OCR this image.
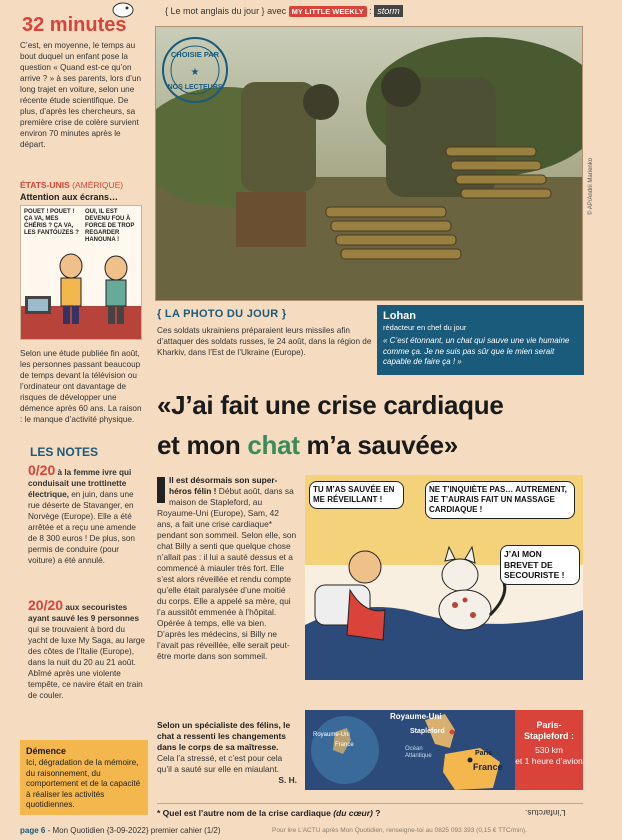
32 minutes
C’est, en moyenne, le temps au bout duquel un enfant pose la question « Quand est-ce qu’on arrive ? » à ses parents, lors d’un long trajet en voiture, selon une récente étude scientifique. De plus, d’après les chercheurs, sa première crise de colère survient environ 70 minutes après le départ.
ÉTATS-UNIS (AMÉRIQUE)
Attention aux écrans…
POUET ! POUET ! ÇA VA, MES CHÉRIS ? ÇA VA, LES FANTOUZES ?
OUI, IL EST DEVENU FOU À FORCE DE TROP REGARDER HANOUNA !
Selon une étude publiée fin août, les personnes passant beaucoup de temps devant la télévision ou l’ordinateur ont davantage de risques de développer une démence après 60 ans. La raison : le manque d’activité physique.
LES NOTES
0/20 à la femme ivre qui conduisait une trottinette électrique, en juin, dans une rue déserte de Stavanger, en Norvège (Europe). Elle a été arrêtée et a reçu une amende de 8 300 euros ! De plus, son permis de conduire (pour voiture) a été annulé.
20/20 aux secouristes ayant sauvé les 9 personnes qui se trouvaient à bord du yacht de luxe My Saga, au large des côtes de l’Italie (Europe), dans la nuit du 20 au 21 août. Abîmé après une violente tempête, ce navire était en train de couler.
Démence
Ici, dégradation de la mémoire, du raisonnement, du comportement et de la capacité à réaliser les activités quotidiennes.
{ Le mot anglais du jour } avec MY LITTLE WEEKLY : storm
CHOISIE PAR
NOS LECTEURS
★
© AP/Andrii Marienko
{ LA PHOTO DU JOUR }
Ces soldats ukrainiens préparaient leurs missiles afin d’attaquer des soldats russes, le 24 août, dans la région de Kharkiv, dans l’Est de l’Ukraine (Europe).
Lohan
rédacteur en chef du jour
« C’est étonnant, un chat qui sauve une vie humaine comme ça. Je ne suis pas sûr que le mien serait capable de faire ça ! »
«J’ai fait une crise cardiaque
et mon chat m’a sauvée»
Il est désormais son super-héros félin ! Début août, dans sa maison de Stapleford, au Royaume-Uni (Europe), Sam, 42 ans, a fait une crise cardiaque* pendant son sommeil. Selon elle, son chat Billy a senti que quelque chose n’allait pas : il lui a sauté dessus et a commencé à miauler très fort. Elle s’est alors réveillée et rendu compte qu’elle était paralysée d’une moitié du corps. Elle a appelé sa mère, qui l’a aussitôt emmenée à l’hôpital. Opérée à temps, elle va bien. D’après les médecins, si Billy ne l’avait pas réveillée, elle serait peut-être morte dans son sommeil.
Selon un spécialiste des félins, le chat a ressenti les changements dans le corps de sa maîtresse. Cela l’a stressé, et c’est pour cela qu’il a sauté sur elle en miaulant.
S. H.
TU M’AS SAUVÉE EN ME RÉVEILLANT !
NE T’INQUIÈTE PAS… AUTREMENT, JE T’AURAIS FAIT UN MASSAGE CARDIAQUE !
J’AI MON BREVET DE SECOURISTE !
Royaume-Uni
Royaume-Uni
France
Océan Atlantique
Stapleford
Paris
France
Paris-Stapleford :
530 km
et 1 heure d’avion
* Quel est l’autre nom de la crise cardiaque (du cœur) ?	L’infarctus.
page 6 - Mon Quotidien {3-09-2022} premier cahier (1/2)	Pour lire L’ACTU après Mon Quotidien, renseigne-toi au 0825 093 393 (0,15 € TTC/min).
